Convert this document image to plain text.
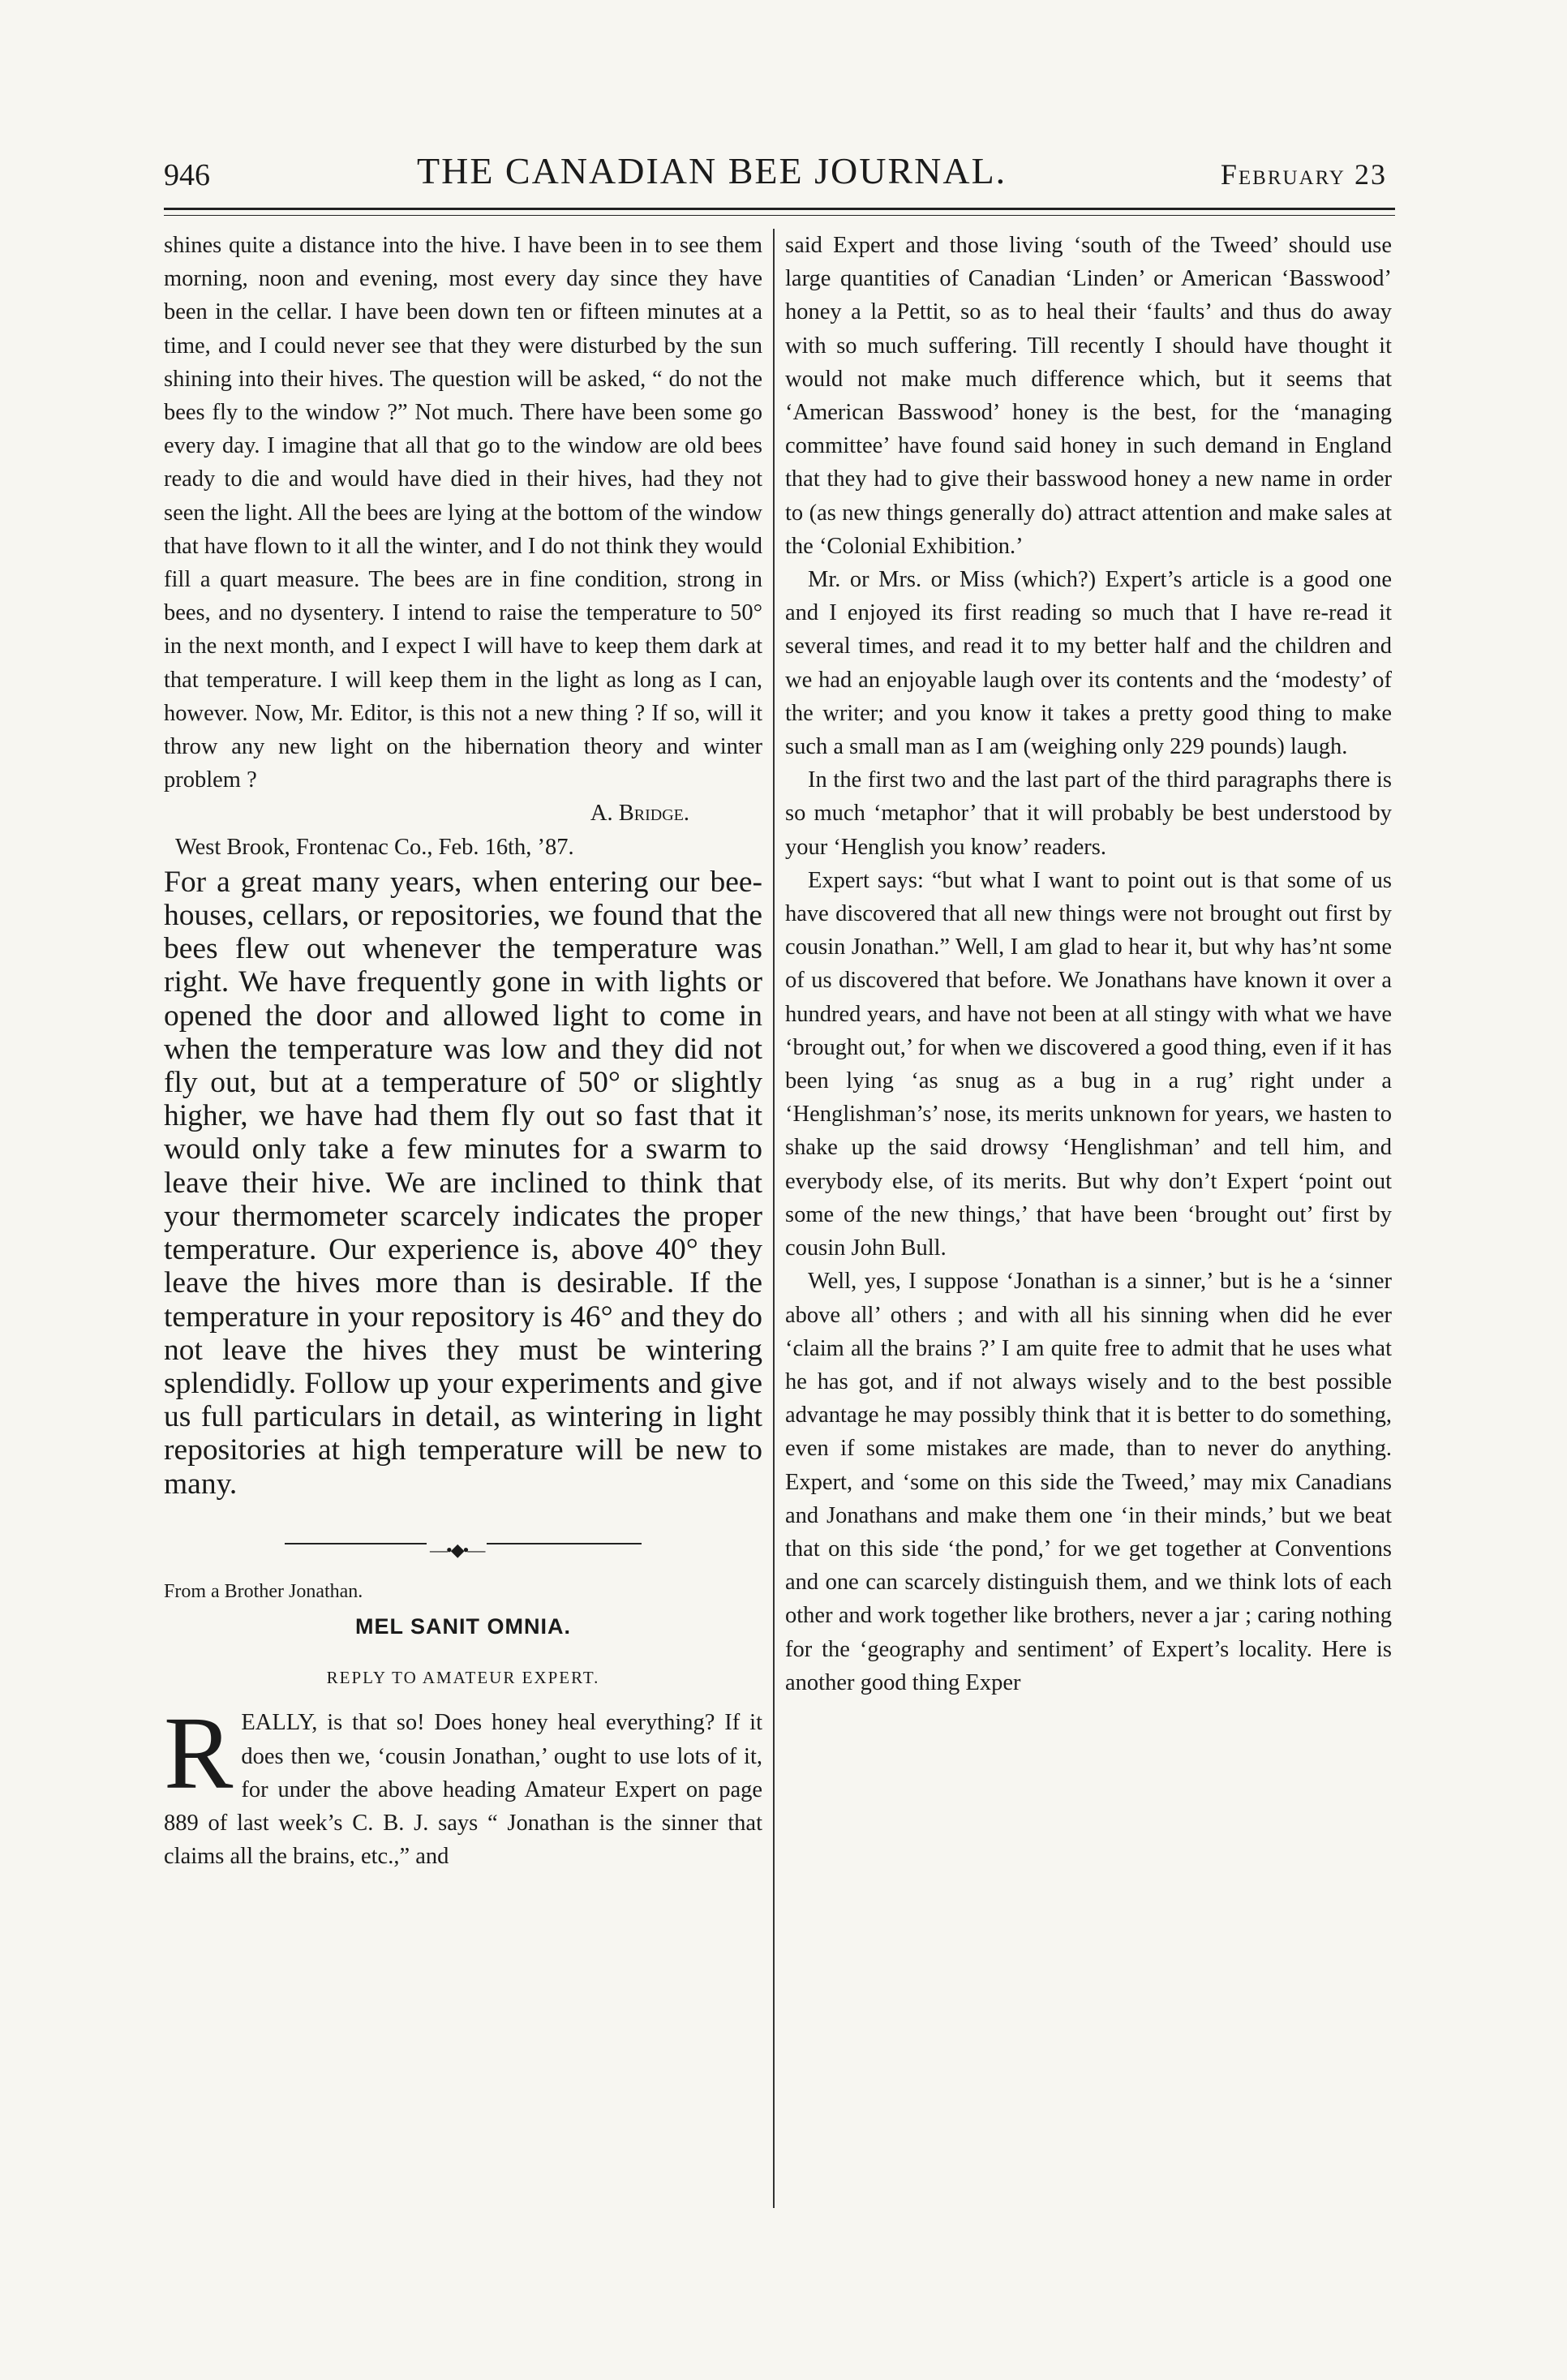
946	THE CANADIAN BEE JOURNAL.	February 23

shines quite a distance into the hive. I have been in to see them morning, noon and evening, most every day since they have been in the cellar. I have been down ten or fifteen minutes at a time, and I could never see that they were disturbed by the sun shining into their hives. The question will be asked, “ do not the bees fly to the window ?” Not much. There have been some go every day. I imagine that all that go to the window are old bees ready to die and would have died in their hives, had they not seen the light. All the bees are lying at the bottom of the window that have flown to it all the winter, and I do not think they would fill a quart measure. The bees are in fine condition, strong in bees, and no dysentery. I intend to raise the temperature to 50° in the next month, and I expect I will have to keep them dark at that temperature. I will keep them in the light as long as I can, however. Now, Mr. Editor, is this not a new thing ? If so, will it throw any new light on the hibernation theory and winter problem ?

A. Bridge.

West Brook, Frontenac Co., Feb. 16th, ’87.

For a great many years, when entering our bee-houses, cellars, or repositories, we found that the bees flew out whenever the temperature was right. We have frequently gone in with lights or opened the door and allowed light to come in when the temperature was low and they did not fly out, but at a temperature of 50° or slightly higher, we have had them fly out so fast that it would only take a few minutes for a swarm to leave their hive. We are inclined to think that your thermometer scarcely indicates the proper temperature. Our experience is, above 40° they leave the hives more than is desirable. If the temperature in your repository is 46° and they do not leave the hives they must be wintering splendidly. Follow up your experiments and give us full particulars in detail, as wintering in light repositories at high temperature will be new to many.

—•◆•—

From a Brother Jonathan.

MEL SANIT OMNIA.

REPLY TO AMATEUR EXPERT.

REALLY, is that so! Does honey heal everything? If it does then we, ‘cousin Jonathan,’ ought to use lots of it, for under the above heading Amateur Expert on page 889 of last week’s C. B. J. says “ Jonathan is the sinner that claims all the brains, etc.,” and

said Expert and those living ‘south of the Tweed’ should use large quantities of Canadian ‘Linden’ or American ‘Basswood’ honey a la Pettit, so as to heal their ‘faults’ and thus do away with so much suffering. Till recently I should have thought it would not make much difference which, but it seems that ‘American Basswood’ honey is the best, for the ‘managing committee’ have found said honey in such demand in England that they had to give their basswood honey a new name in order to (as new things generally do) attract attention and make sales at the ‘Colonial Exhibition.’

Mr. or Mrs. or Miss (which?) Expert’s article is a good one and I enjoyed its first reading so much that I have re-read it several times, and read it to my better half and the children and we had an enjoyable laugh over its contents and the ‘modesty’ of the writer; and you know it takes a pretty good thing to make such a small man as I am (weighing only 229 pounds) laugh.

In the first two and the last part of the third paragraphs there is so much ‘metaphor’ that it will probably be best understood by your ‘Henglish you know’ readers.

Expert says: “but what I want to point out is that some of us have discovered that all new things were not brought out first by cousin Jonathan.” Well, I am glad to hear it, but why has’nt some of us discovered that before. We Jonathans have known it over a hundred years, and have not been at all stingy with what we have ‘brought out,’ for when we discovered a good thing, even if it has been lying ‘as snug as a bug in a rug’ right under a ‘Henglishman’s’ nose, its merits unknown for years, we hasten to shake up the said drowsy ‘Henglishman’ and tell him, and everybody else, of its merits. But why don’t Expert ‘point out some of the new things,’ that have been ‘brought out’ first by cousin John Bull.

Well, yes, I suppose ‘Jonathan is a sinner,’ but is he a ‘sinner above all’ others ; and with all his sinning when did he ever ‘claim all the brains ?’ I am quite free to admit that he uses what he has got, and if not always wisely and to the best possible advantage he may possibly think that it is better to do something, even if some mistakes are made, than to never do anything. Expert, and ‘some on this side the Tweed,’ may mix Canadians and Jonathans and make them one ‘in their minds,’ but we beat that on this side ‘the pond,’ for we get together at Conventions and one can scarcely distinguish them, and we think lots of each other and work together like brothers, never a jar ; caring nothing for the ‘geography and sentiment’ of Expert’s locality. Here is another good thing Exper
